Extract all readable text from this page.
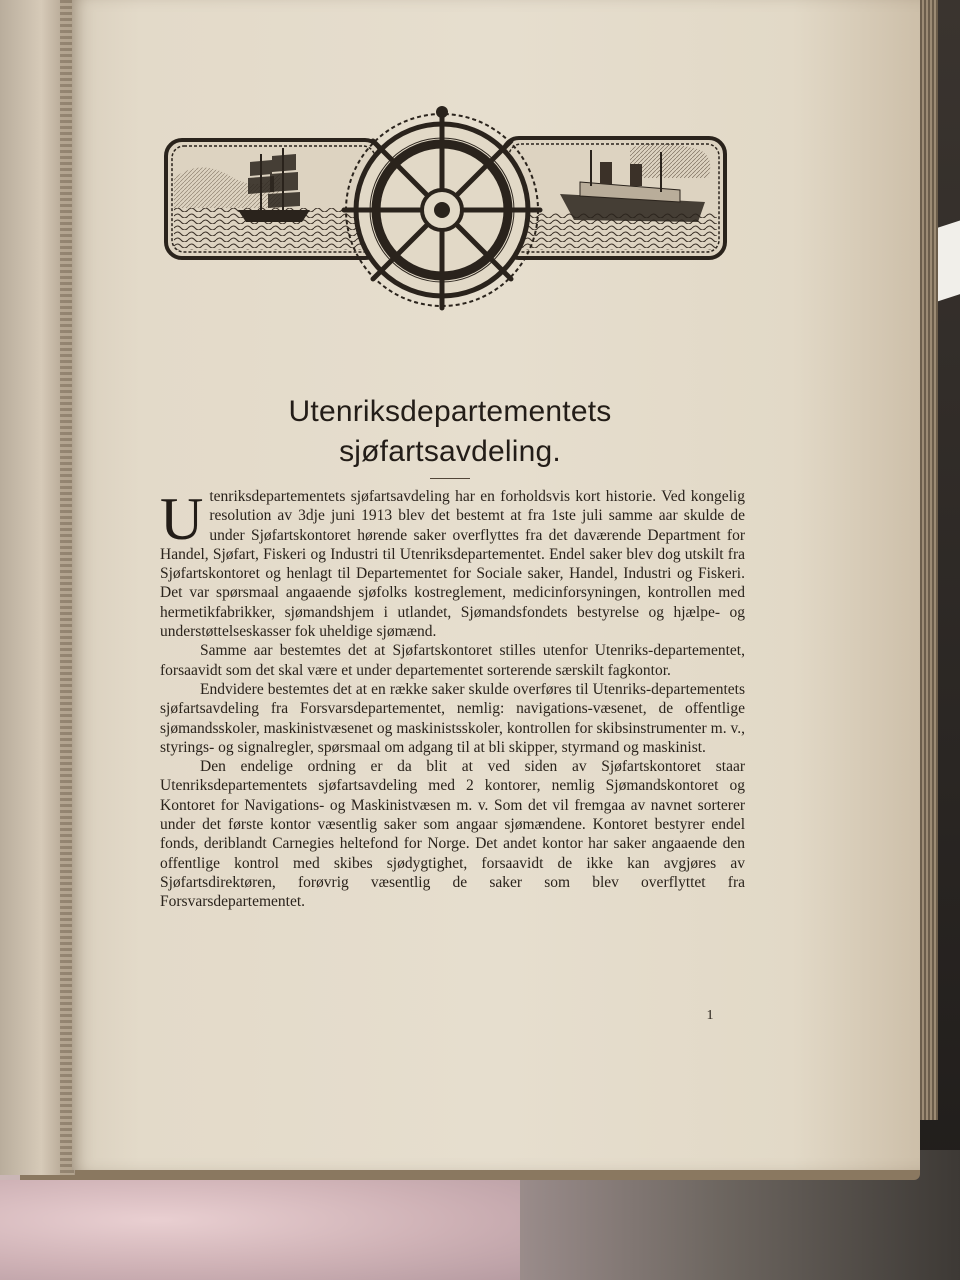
Utenriksdepartementets
sjøfartsavdeling.

Utenriksdepartementets sjøfartsavdeling har en forholdsvis kort historie. Ved kongelig resolution av 3dje juni 1913 blev det bestemt at fra 1ste juli samme aar skulde de under Sjøfartskontoret hørende saker overflyttes fra det daværende Department for Handel, Sjøfart, Fiskeri og Industri til Utenriksdepartementet. Endel saker blev dog utskilt fra Sjøfartskontoret og henlagt til Departementet for Sociale saker, Handel, Industri og Fiskeri. Det var spørsmaal angaaende sjøfolks kostreglement, medicinforsyningen, kontrollen med hermetikfabrikker, sjømandshjem i utlandet, Sjømandsfondets bestyrelse og hjælpe- og understøttelseskasser fok uheldige sjømænd.

Samme aar bestemtes det at Sjøfartskontoret stilles utenfor Utenriks-departementet, forsaavidt som det skal være et under departementet sorterende særskilt fagkontor.

Endvidere bestemtes det at en række saker skulde overføres til Utenriks-departementets sjøfartsavdeling fra Forsvarsdepartementet, nemlig: navigations-væsenet, de offentlige sjømandsskoler, maskinistvæsenet og maskinistsskoler, kontrollen for skibsinstrumenter m. v., styrings- og signalregler, spørsmaal om adgang til at bli skipper, styrmand og maskinist.

Den endelige ordning er da blit at ved siden av Sjøfartskontoret staar Utenriksdepartementets sjøfartsavdeling med 2 kontorer, nemlig Sjømandskontoret og Kontoret for Navigations- og Maskinistvæsen m. v. Som det vil fremgaa av navnet sorterer under det første kontor væsentlig saker som angaar sjømændene. Kontoret bestyrer endel fonds, deriblandt Carnegies heltefond for Norge. Det andet kontor har saker angaaende den offentlige kontrol med skibes sjødygtighet, forsaavidt de ikke kan avgjøres av Sjøfartsdirektøren, forøvrig væsentlig de saker som blev overflyttet fra Forsvarsdepartementet.

1
